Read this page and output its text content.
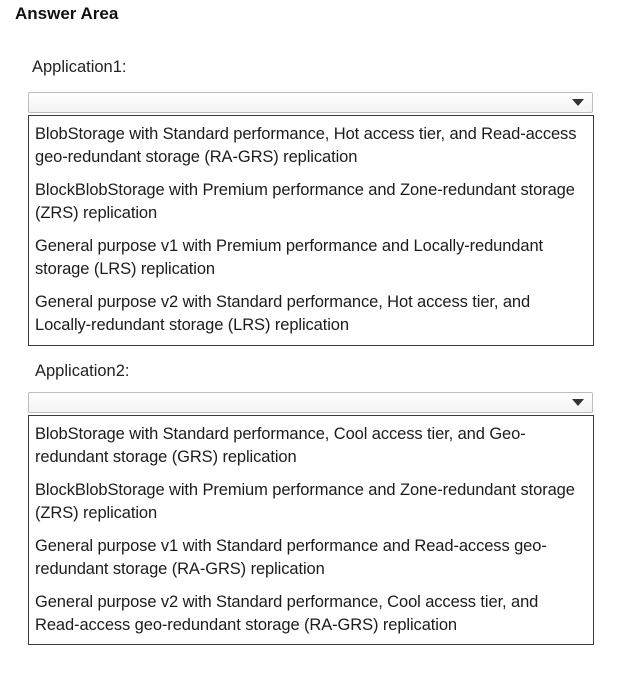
Answer Area
Application1:
BlobStorage with Standard performance, Hot access tier, and Read-access geo-redundant storage (RA-GRS) replication
BlockBlobStorage with Premium performance and Zone-redundant storage (ZRS) replication
General purpose v1 with Premium performance and Locally-redundant storage (LRS) replication
General purpose v2 with Standard performance, Hot access tier, and Locally-redundant storage (LRS) replication
Application2:
BlobStorage with Standard performance, Cool access tier, and Geo-redundant storage (GRS) replication
BlockBlobStorage with Premium performance and Zone-redundant storage (ZRS) replication
General purpose v1 with Standard performance and Read-access geo-redundant storage (RA-GRS) replication
General purpose v2 with Standard performance, Cool access tier, and Read-access geo-redundant storage (RA-GRS) replication
